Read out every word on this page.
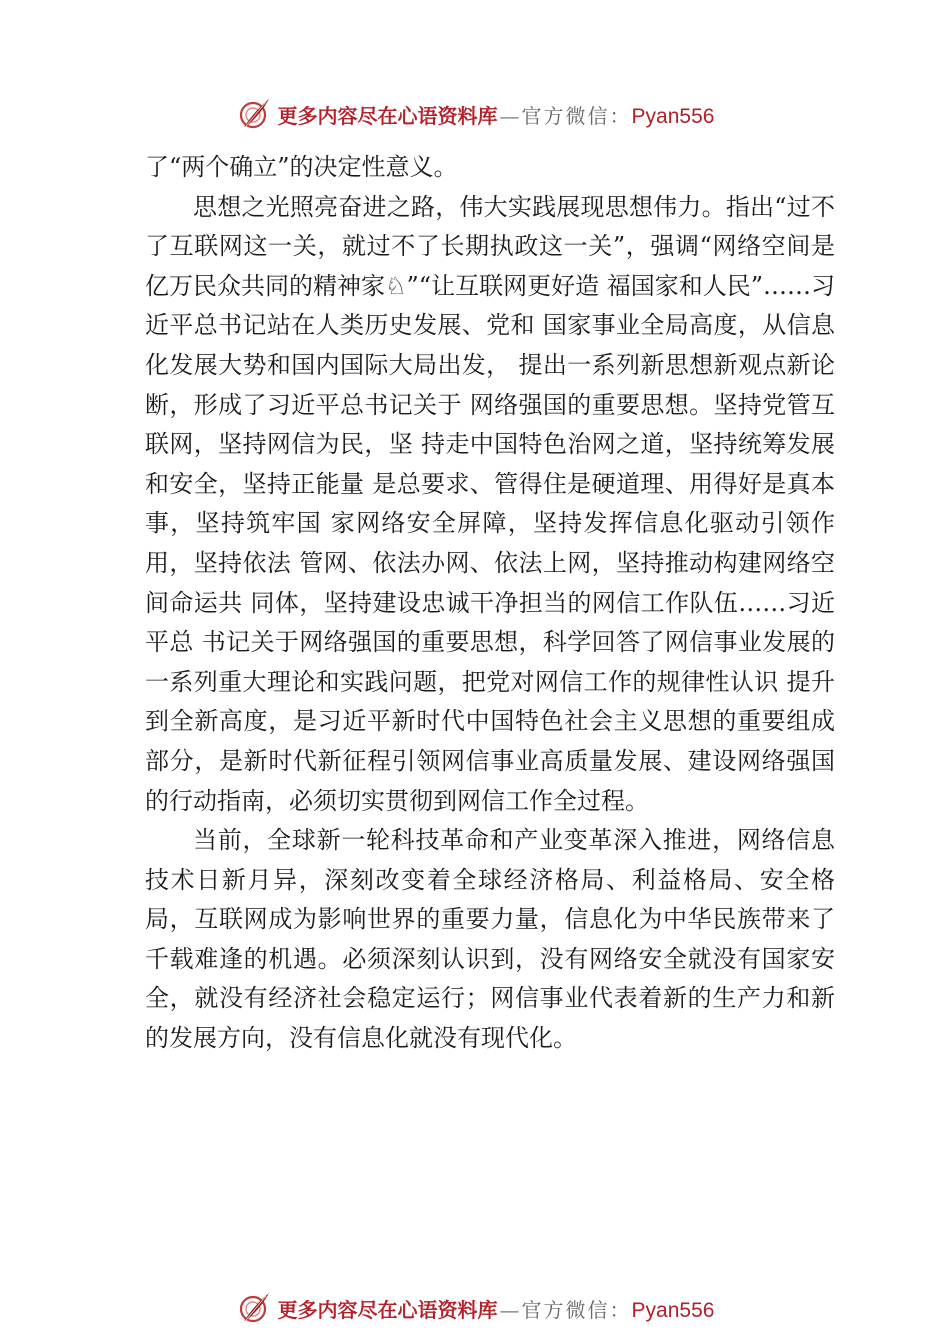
更多内容尽在心语资料库 — 官方微信： Pyan556

了“两个确立”的决定性意义。

思想之光照亮奋进之路，伟大实践展现思想伟力。指出“过不了互联网这一关，就过不了长期执政这一关”，强调“网络空间是亿万民众共同的精神家♘”“让互联网更好造 福国家和人民”……习近平总书记站在人类历史发展、党和 国家事业全局高度，从信息化发展大势和国内国际大局出发， 提出一系列新思想新观点新论断，形成了习近平总书记关于 网络强国的重要思想。坚持党管互联网，坚持网信为民，坚 持走中国特色治网之道，坚持统筹发展和安全，坚持正能量 是总要求、管得住是硬道理、用得好是真本事，坚持筑牢国 家网络安全屏障，坚持发挥信息化驱动引领作用，坚持依法 管网、依法办网、依法上网，坚持推动构建网络空间命运共 同体，坚持建设忠诚干净担当的网信工作队伍……习近平总 书记关于网络强国的重要思想，科学回答了网信事业发展的 一系列重大理论和实践问题，把党对网信工作的规律性认识 提升到全新高度，是习近平新时代中国特色社会主义思想的重要组成部分，是新时代新征程引领网信事业高质量发展、建设网络强国的行动指南，必须切实贯彻到网信工作全过程。

当前，全球新一轮科技革命和产业变革深入推进，网络信息技术日新月异，深刻改变着全球经济格局、利益格局、安全格局，互联网成为影响世界的重要力量，信息化为中华民族带来了千载难逢的机遇。必须深刻认识到，没有网络安全就没有国家安全，就没有经济社会稳定运行；网信事业代表着新的生产力和新的发展方向，没有信息化就没有现代化。

更多内容尽在心语资料库 — 官方微信： Pyan556
